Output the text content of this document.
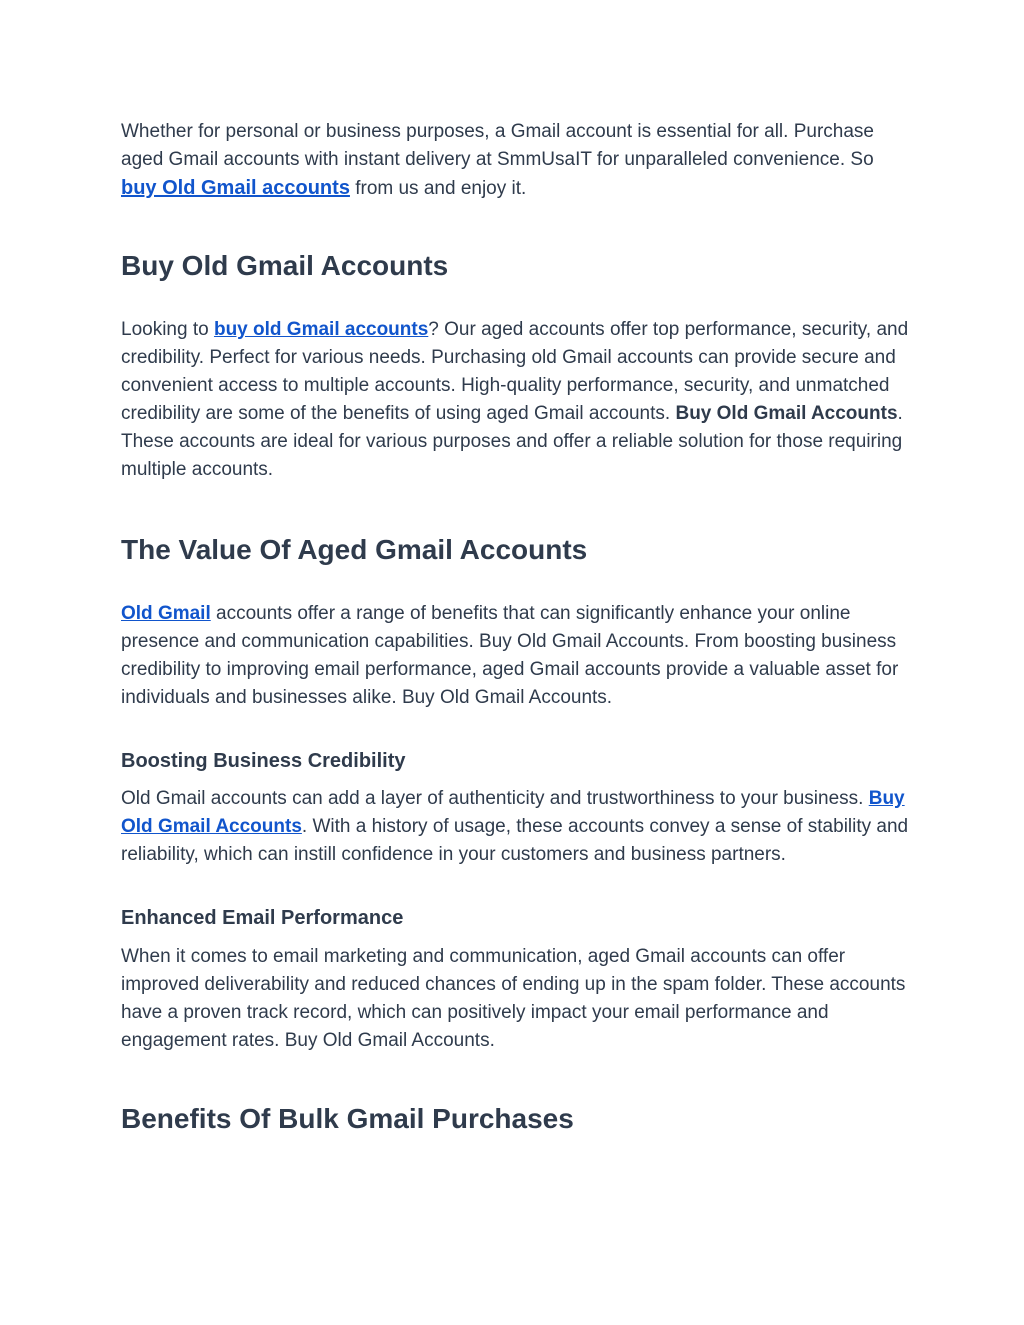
Whether for personal or business purposes, a Gmail account is essential for all. Purchase aged Gmail accounts with instant delivery at SmmUsaIT for unparalleled convenience. So buy Old Gmail accounts from us and enjoy it.

Buy Old Gmail Accounts

Looking to buy old Gmail accounts? Our aged accounts offer top performance, security, and credibility. Perfect for various needs. Purchasing old Gmail accounts can provide secure and convenient access to multiple accounts. High-quality performance, security, and unmatched credibility are some of the benefits of using aged Gmail accounts. Buy Old Gmail Accounts. These accounts are ideal for various purposes and offer a reliable solution for those requiring multiple accounts.

The Value Of Aged Gmail Accounts

Old Gmail accounts offer a range of benefits that can significantly enhance your online presence and communication capabilities. Buy Old Gmail Accounts. From boosting business credibility to improving email performance, aged Gmail accounts provide a valuable asset for individuals and businesses alike. Buy Old Gmail Accounts.

Boosting Business Credibility

Old Gmail accounts can add a layer of authenticity and trustworthiness to your business. Buy Old Gmail Accounts. With a history of usage, these accounts convey a sense of stability and reliability, which can instill confidence in your customers and business partners.

Enhanced Email Performance

When it comes to email marketing and communication, aged Gmail accounts can offer improved deliverability and reduced chances of ending up in the spam folder. These accounts have a proven track record, which can positively impact your email performance and engagement rates. Buy Old Gmail Accounts.

Benefits Of Bulk Gmail Purchases
